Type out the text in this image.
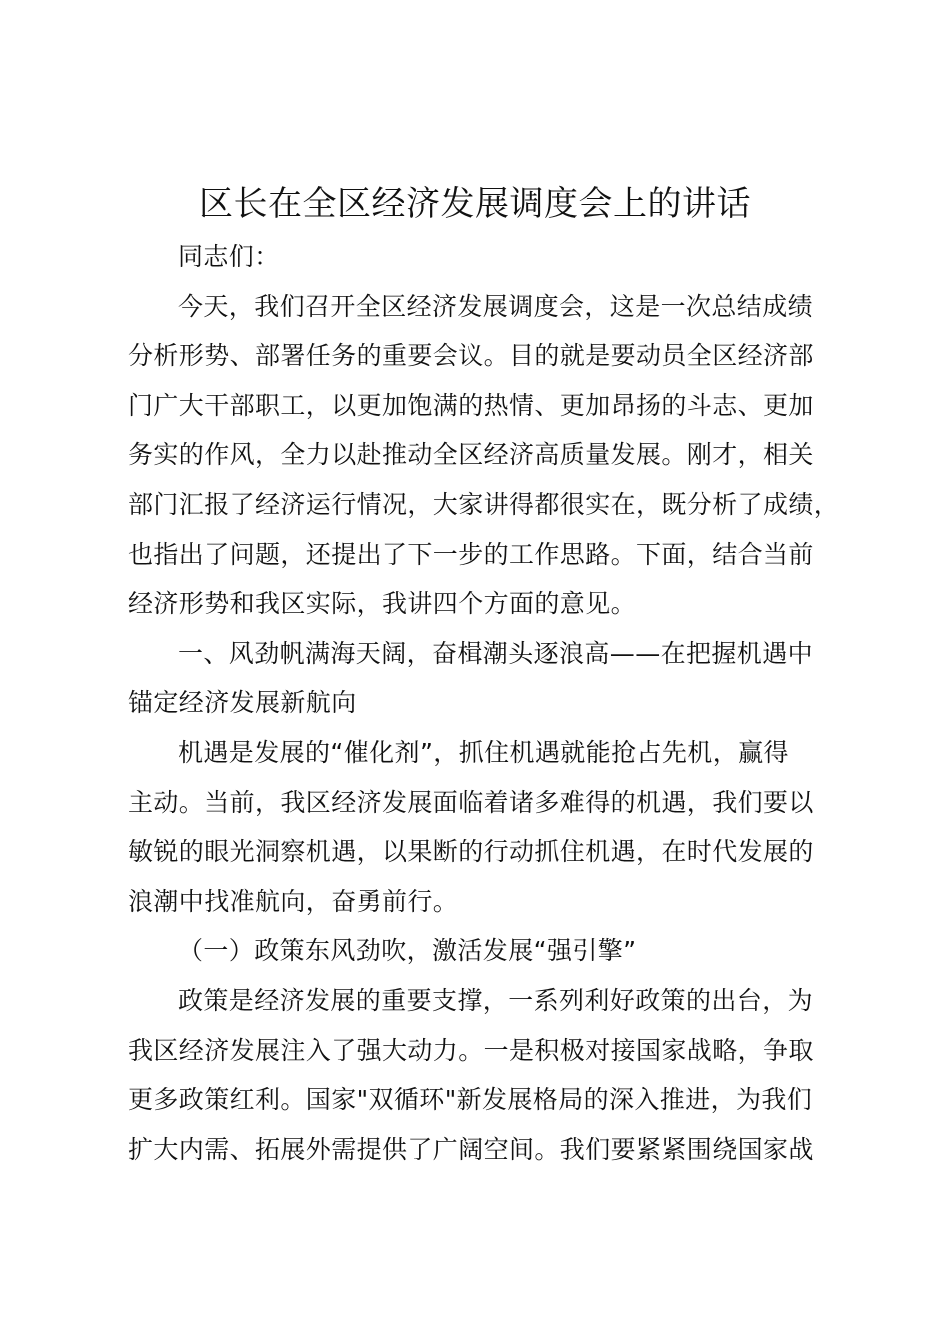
区长在全区经济发展调度会上的讲话
同志们：
今天，我们召开全区经济发展调度会，这是一次总结成绩
分析形势、部署任务的重要会议。目的就是要动员全区经济部
门广大干部职工，以更加饱满的热情、更加昂扬的斗志、更加
务实的作风，全力以赴推动全区经济高质量发展。刚才，相关
部门汇报了经济运行情况，大家讲得都很实在，既分析了成绩，
也指出了问题，还提出了下一步的工作思路。下面，结合当前
经济形势和我区实际，我讲四个方面的意见。
一、风劲帆满海天阔，奋楫潮头逐浪高——在把握机遇中
锚定经济发展新航向
机遇是发展的“催化剂”，抓住机遇就能抢占先机，赢得
主动。当前，我区经济发展面临着诸多难得的机遇，我们要以
敏锐的眼光洞察机遇，以果断的行动抓住机遇，在时代发展的
浪潮中找准航向，奋勇前行。
（一）政策东风劲吹，激活发展“强引擎”
政策是经济发展的重要支撑，一系列利好政策的出台，为
我区经济发展注入了强大动力。一是积极对接国家战略，争取
更多政策红利。国家"双循环"新发展格局的深入推进，为我们
扩大内需、拓展外需提供了广阔空间。我们要紧紧围绕国家战
